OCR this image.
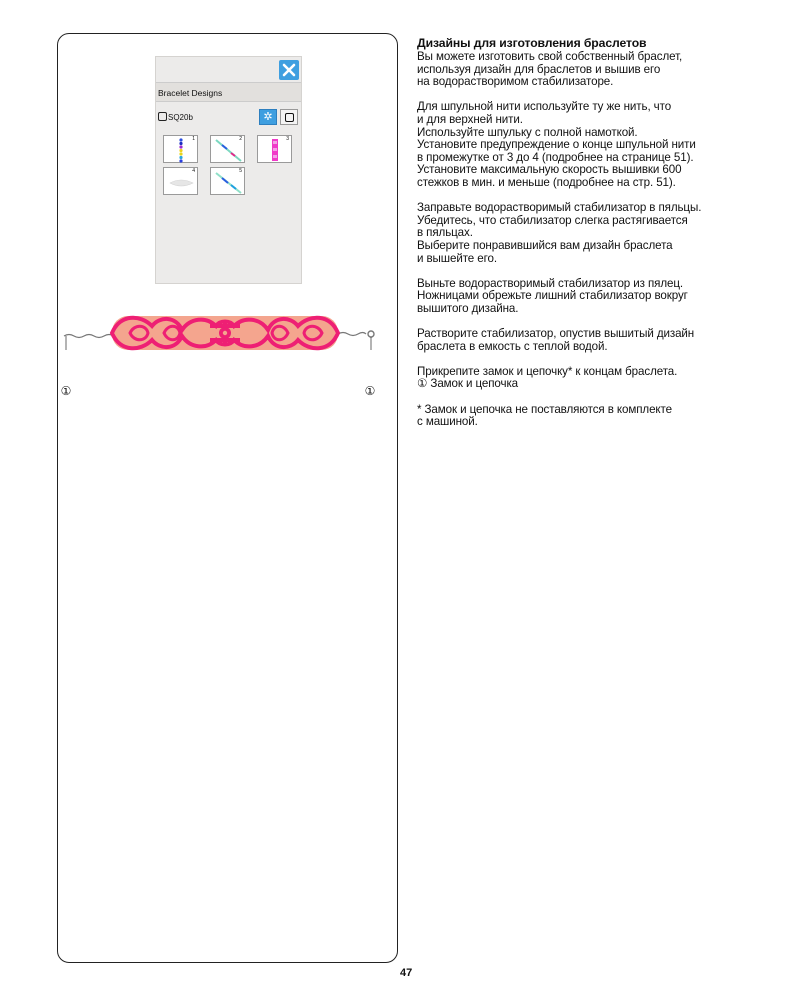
Bracelet Designs
SQ20b	✲
1	2	3
4	5
①	①
Дизайны для изготовления браслетов

Вы можете изготовить свой собственный браслет,
используя дизайн для браслетов и вышив его
на водорастворимом стабилизаторе.

Для шпульной нити используйте ту же нить, что
и для верхней нити.
Используйте шпульку с полной намоткой.
Установите предупреждение о конце шпульной нити
в промежутке от 3 до 4 (подробнее на странице 51).
Установите максимальную скорость вышивки 600
стежков в мин. и меньше (подробнее на стр. 51).

Заправьте водорастворимый стабилизатор в пяльцы.
Убедитесь, что стабилизатор слегка растягивается
в пяльцах.
Выберите понравившийся вам дизайн браслета
и вышейте его.

Выньте водорастворимый стабилизатор из пялец.
Ножницами обрежьте лишний стабилизатор вокруг
вышитого дизайна.

Растворите стабилизатор, опустив вышитый дизайн
браслета в емкость с теплой водой.

Прикрепите замок и цепочку* к концам браслета.
① Замок и цепочка

* Замок и цепочка не поставляются в комплекте
с машиной.

47
